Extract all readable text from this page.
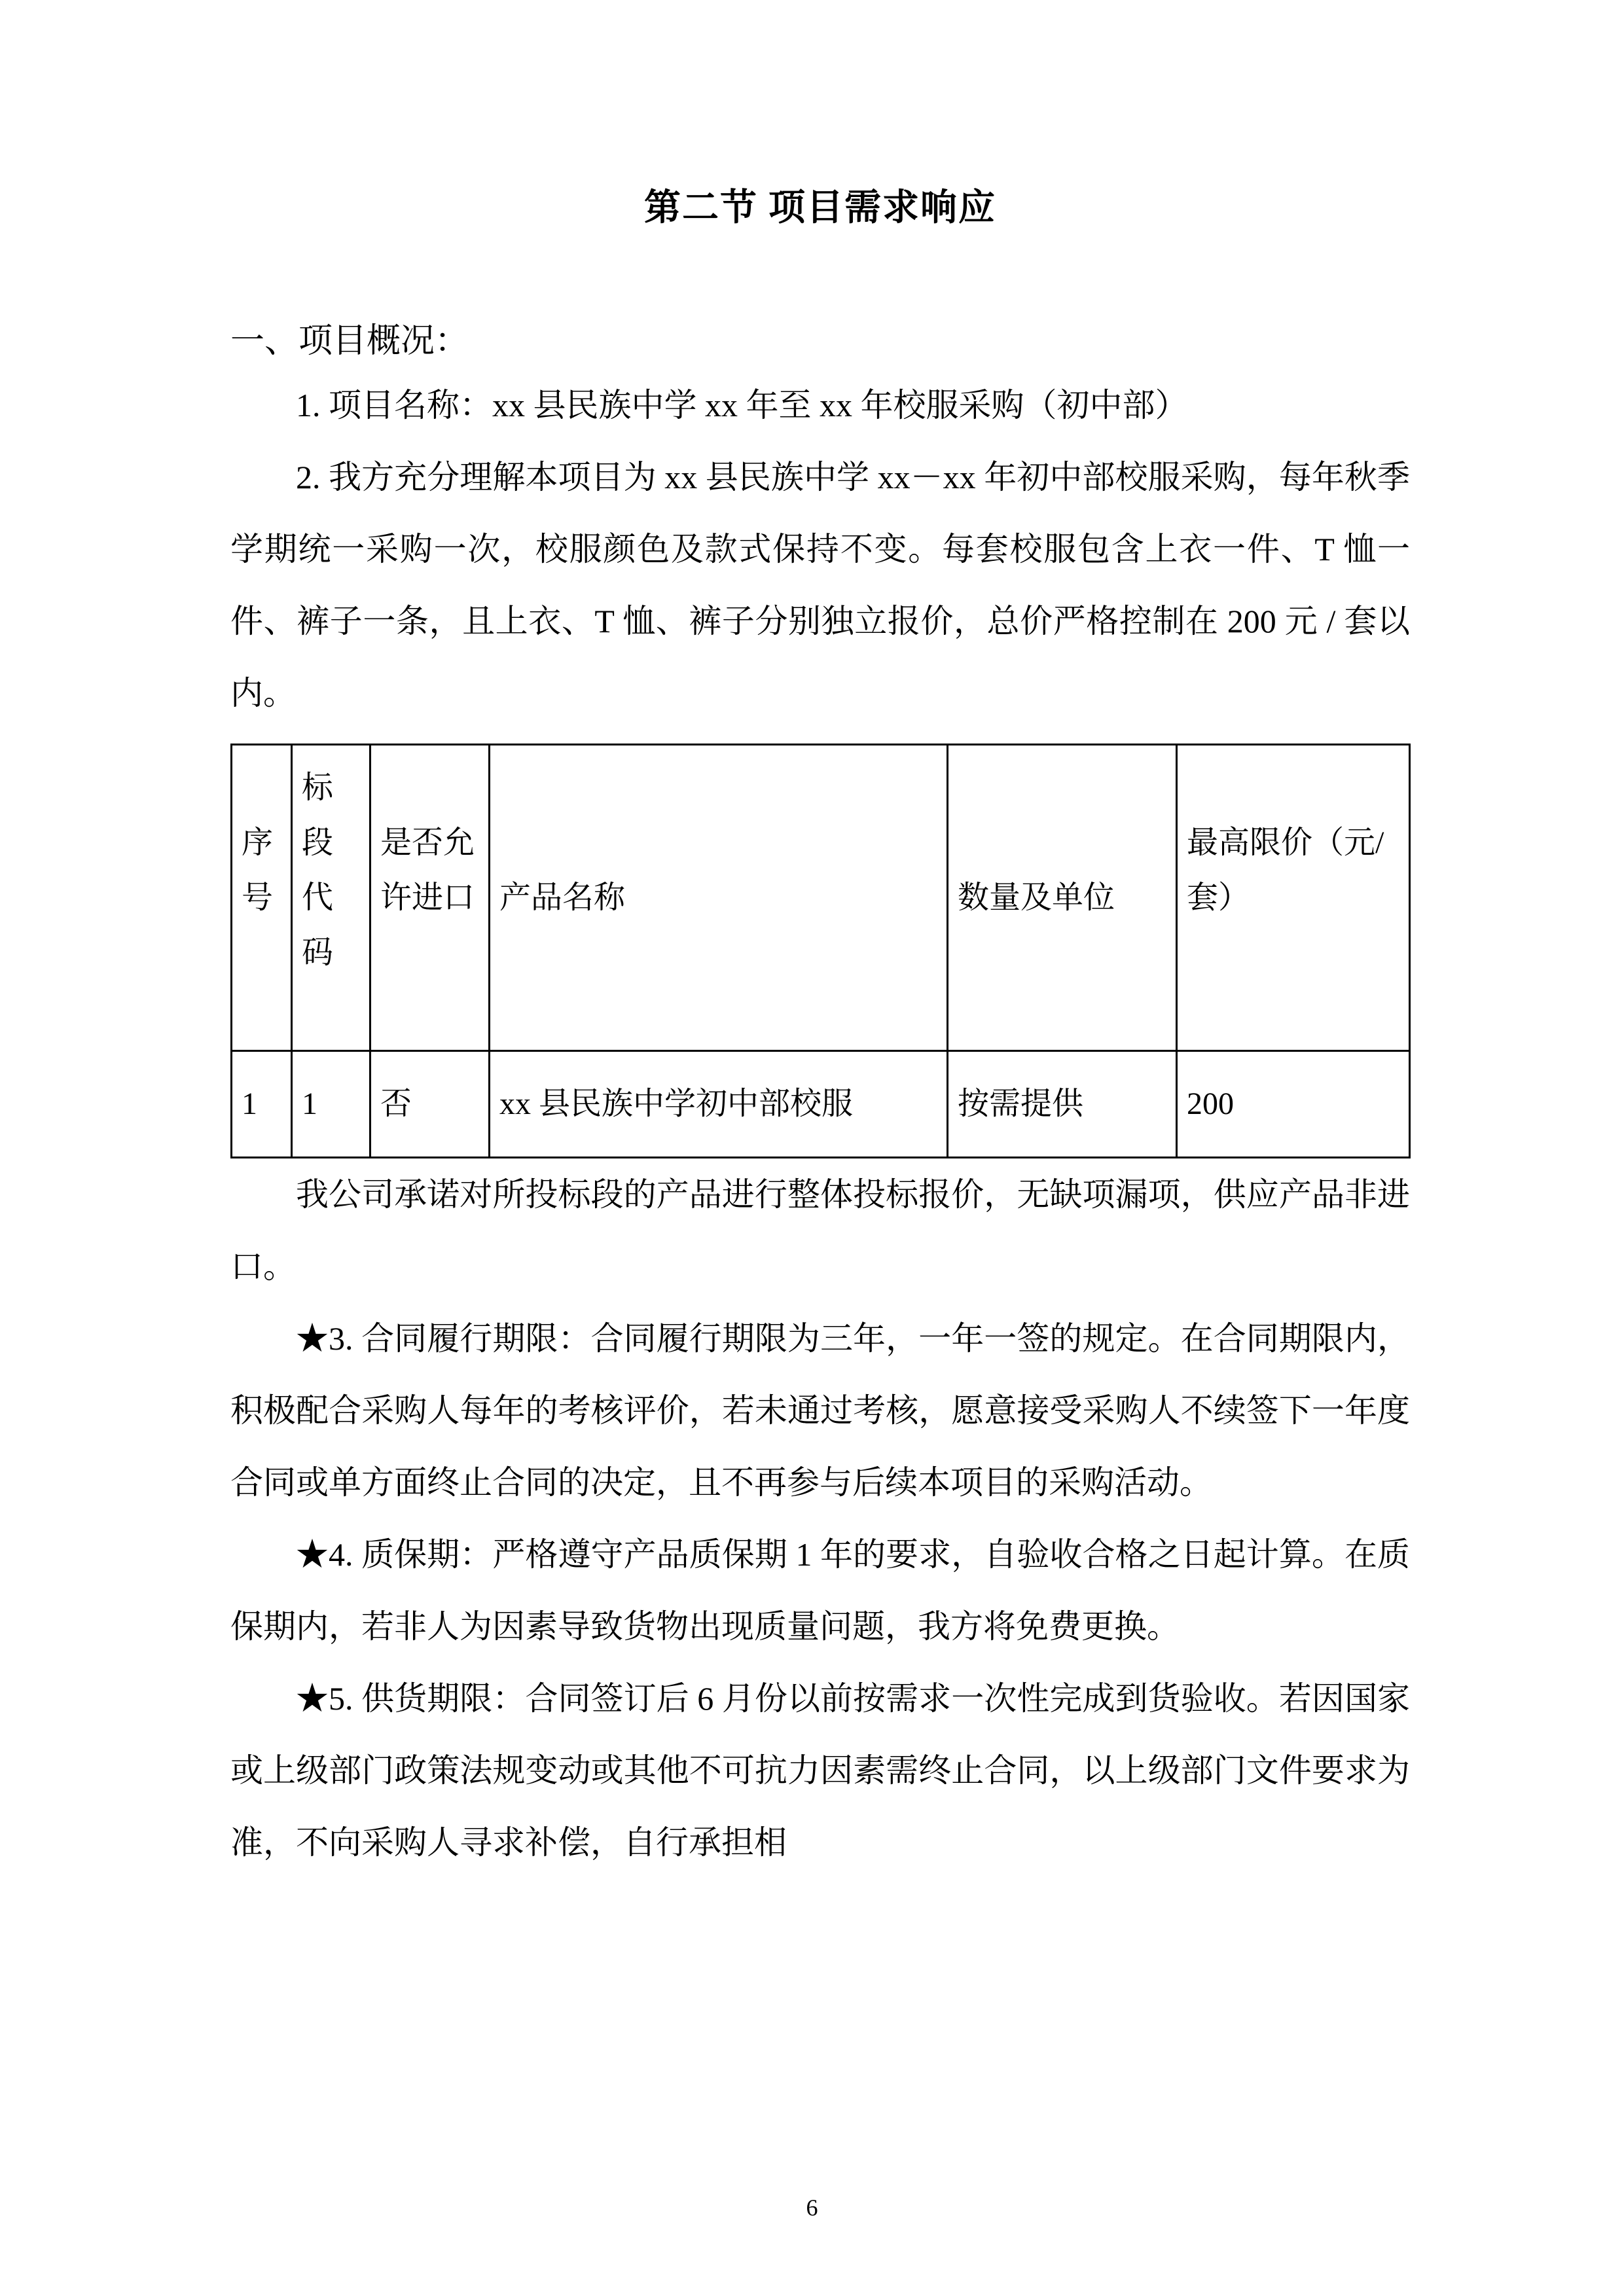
第二节 项目需求响应
一、项目概况：

1. 项目名称：xx 县民族中学 xx 年至 xx 年校服采购（初中部）

2. 我方充分理解本项目为 xx 县民族中学 xx－xx 年初中部校服采购，每年秋季学期统一采购一次，校服颜色及款式保持不变。每套校服包含上衣一件、T 恤一件、裤子一条，且上衣、T 恤、裤子分别独立报价，总价严格控制在 200 元 / 套以内。

序号	标段代码	是否允许进口	产品名称	数量及单位	最高限价（元/套）
1	1	否	xx 县民族中学初中部校服	按需提供	200

我公司承诺对所投标段的产品进行整体投标报价，无缺项漏项，供应产品非进口。

★3. 合同履行期限：合同履行期限为三年，一年一签的规定。在合同期限内，积极配合采购人每年的考核评价，若未通过考核，愿意接受采购人不续签下一年度合同或单方面终止合同的决定，且不再参与后续本项目的采购活动。

★4. 质保期：严格遵守产品质保期 1 年的要求，自验收合格之日起计算。在质保期内，若非人为因素导致货物出现质量问题，我方将免费更换。

★5. 供货期限：合同签订后 6 月份以前按需求一次性完成到货验收。若因国家或上级部门政策法规变动或其他不可抗力因素需终止合同，以上级部门文件要求为准，不向采购人寻求补偿，自行承担相

6
